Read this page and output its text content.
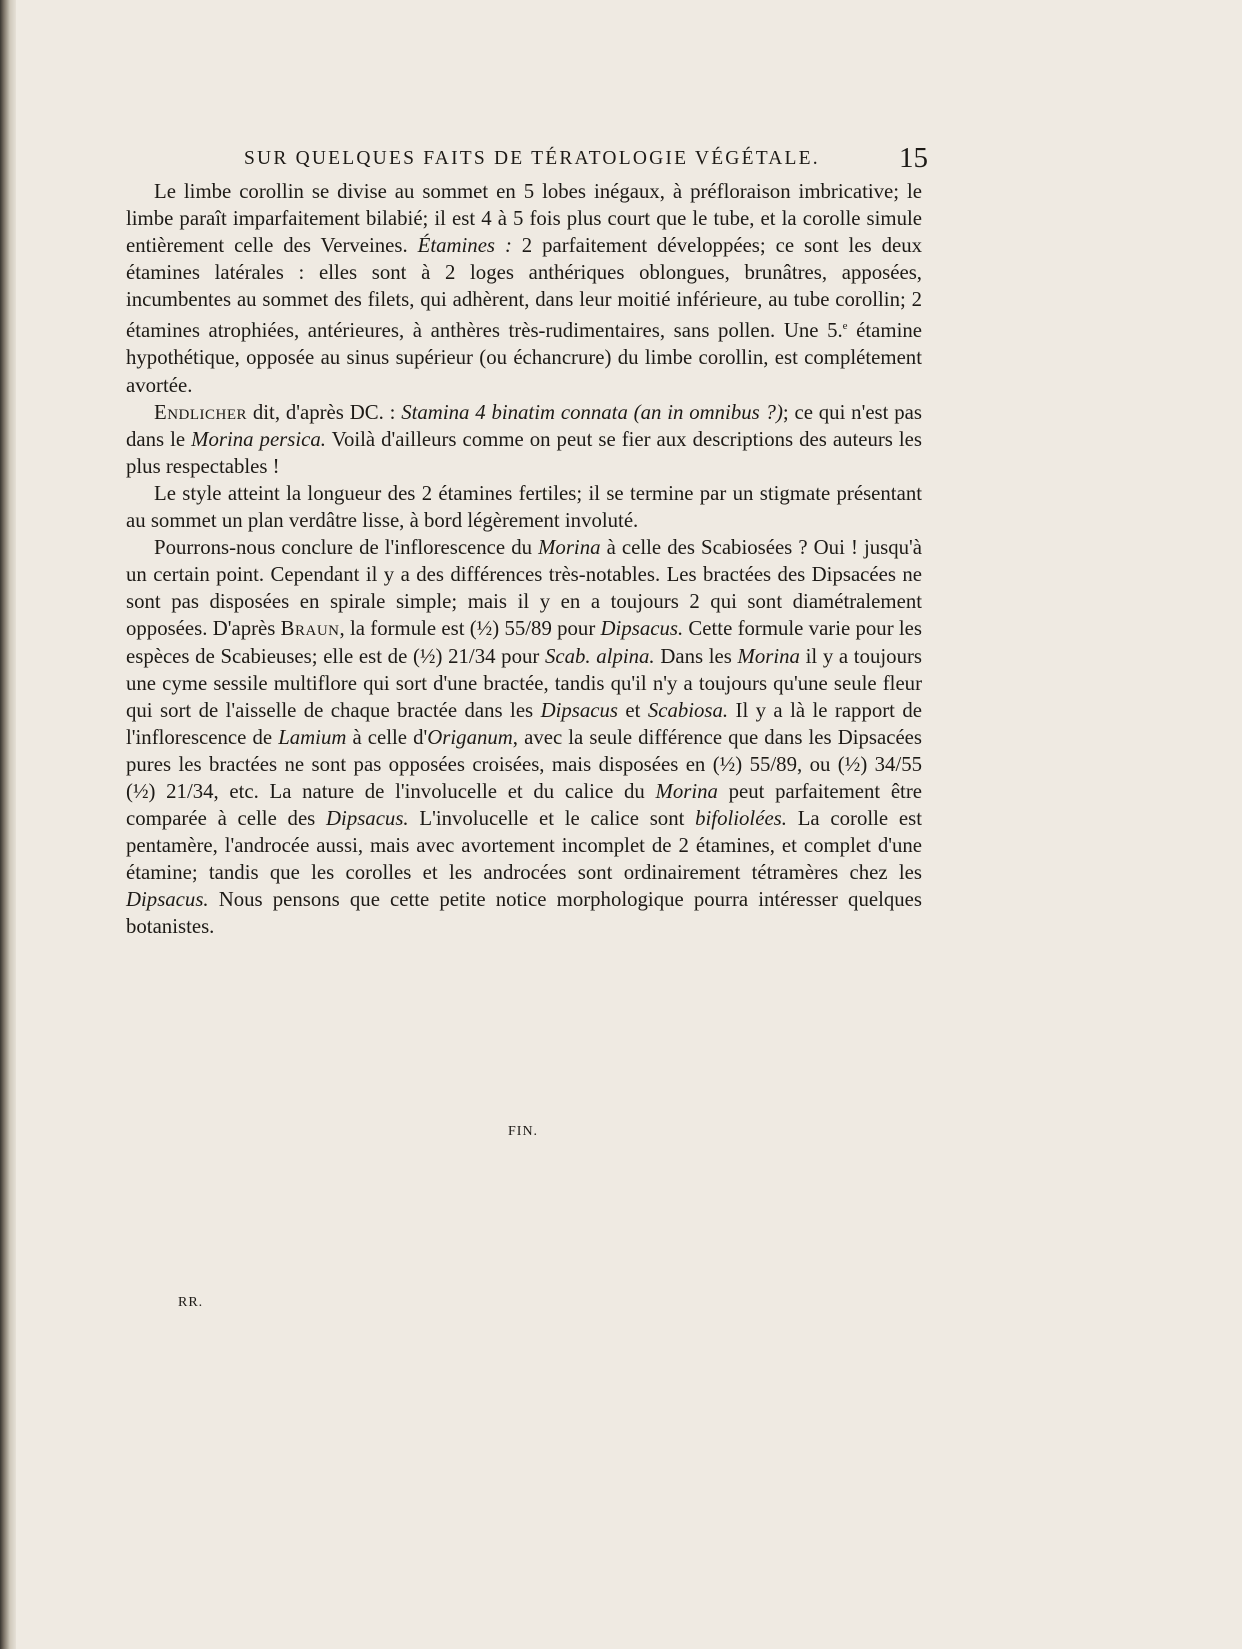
SUR QUELQUES FAITS DE TÉRATOLOGIE VÉGÉTALE.	15

Le limbe corollin se divise au sommet en 5 lobes inégaux, à préfloraison imbricative; le limbe paraît imparfaitement bilabié; il est 4 à 5 fois plus court que le tube, et la corolle simule entièrement celle des Verveines. Étamines : 2 parfaitement développées; ce sont les deux étamines latérales : elles sont à 2 loges anthériques oblongues, brunâtres, apposées, incumbentes au sommet des filets, qui adhèrent, dans leur moitié inférieure, au tube corollin; 2 étamines atrophiées, antérieures, à anthères très-rudimentaires, sans pollen. Une 5.$^e$ étamine hypothétique, opposée au sinus supérieur (ou échancrure) du limbe corollin, est complétement avortée.

Endlicher dit, d'après DC. : Stamina 4 binatim connata (an in omnibus ?); ce qui n'est pas dans le Morina persica. Voilà d'ailleurs comme on peut se fier aux descriptions des auteurs les plus respectables !

Le style atteint la longueur des 2 étamines fertiles; il se termine par un stigmate présentant au sommet un plan verdâtre lisse, à bord légèrement involuté.

Pourrons-nous conclure de l'inflorescence du Morina à celle des Scabiosées ? Oui ! jusqu'à un certain point. Cependant il y a des différences très-notables. Les bractées des Dipsacées ne sont pas disposées en spirale simple; mais il y en a toujours 2 qui sont diamétralement opposées. D'après Braun, la formule est (½) 55/89 pour Dipsacus. Cette formule varie pour les espèces de Scabieuses; elle est de (½) 21/34 pour Scab. alpina. Dans les Morina il y a toujours une cyme sessile multiflore qui sort d'une bractée, tandis qu'il n'y a toujours qu'une seule fleur qui sort de l'aisselle de chaque bractée dans les Dipsacus et Scabiosa. Il y a là le rapport de l'inflorescence de Lamium à celle d'Origanum, avec la seule différence que dans les Dipsacées pures les bractées ne sont pas opposées croisées, mais disposées en (½) 55/89, ou (½) 34/55 (½) 21/34, etc. La nature de l'involucelle et du calice du Morina peut parfaitement être comparée à celle des Dipsacus. L'involucelle et le calice sont bifoliolées. La corolle est pentamère, l'androcée aussi, mais avec avortement incomplet de 2 étamines, et complet d'une étamine; tandis que les corolles et les androcées sont ordinairement tétramères chez les Dipsacus. Nous pensons que cette petite notice morphologique pourra intéresser quelques botanistes.

FIN.
RR.
